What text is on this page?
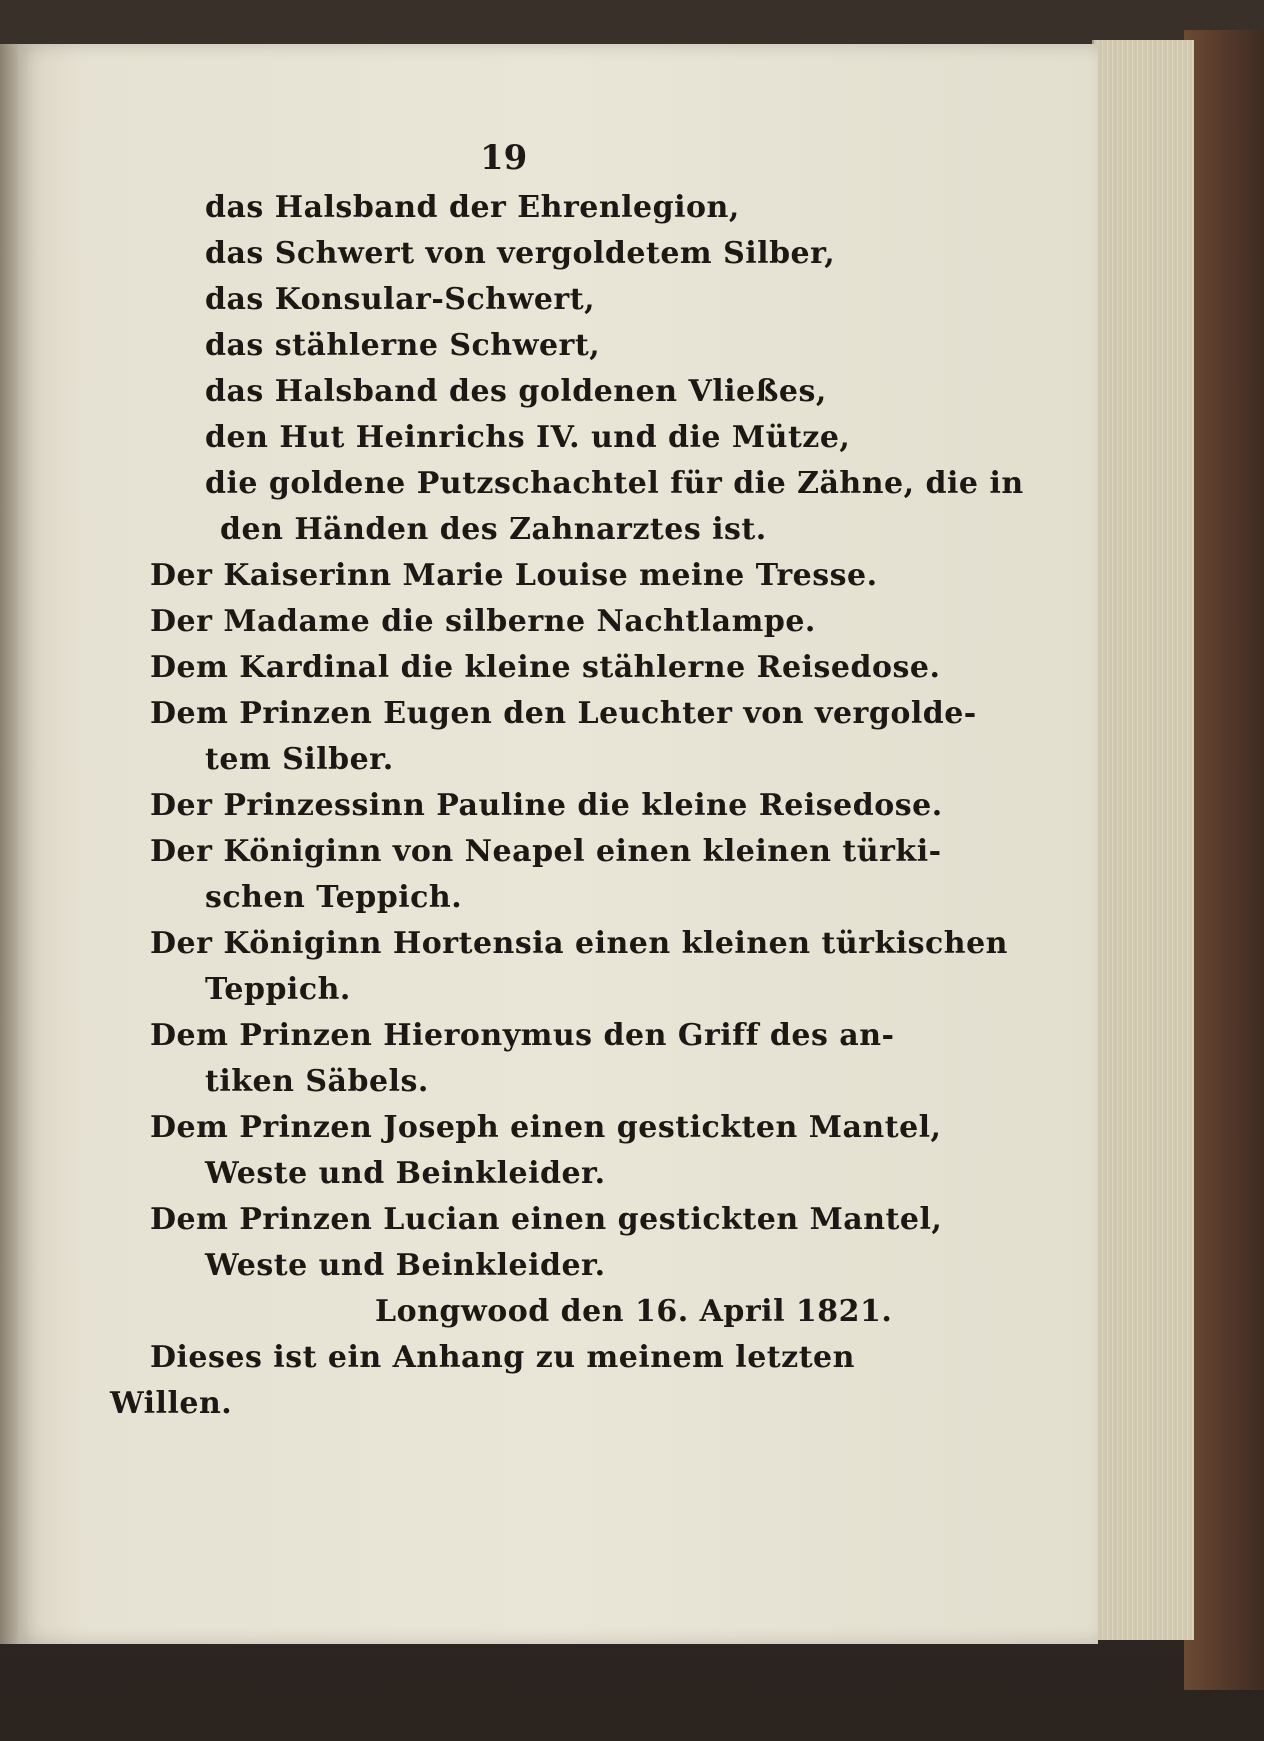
19
das Halsband der Ehrenlegion,
das Schwert von vergoldetem Silber,
das Konsular-Schwert,
das stählerne Schwert,
das Halsband des goldenen Vließes,
den Hut Heinrichs IV. und die Mütze,
die goldene Putzschachtel für die Zähne, die in
den Händen des Zahnarztes ist.
Der Kaiserinn Marie Louise meine Tresse.
Der Madame die silberne Nachtlampe.
Dem Kardinal die kleine stählerne Reisedose.
Dem Prinzen Eugen den Leuchter von vergolde-
tem Silber.
Der Prinzessinn Pauline die kleine Reisedose.
Der Königinn von Neapel einen kleinen türki-
schen Teppich.
Der Königinn Hortensia einen kleinen türkischen
Teppich.
Dem Prinzen Hieronymus den Griff des an-
tiken Säbels.
Dem Prinzen Joseph einen gestickten Mantel,
Weste und Beinkleider.
Dem Prinzen Lucian einen gestickten Mantel,
Weste und Beinkleider.
Longwood den 16. April 1821.
Dieses ist ein Anhang zu meinem letzten
Willen.
